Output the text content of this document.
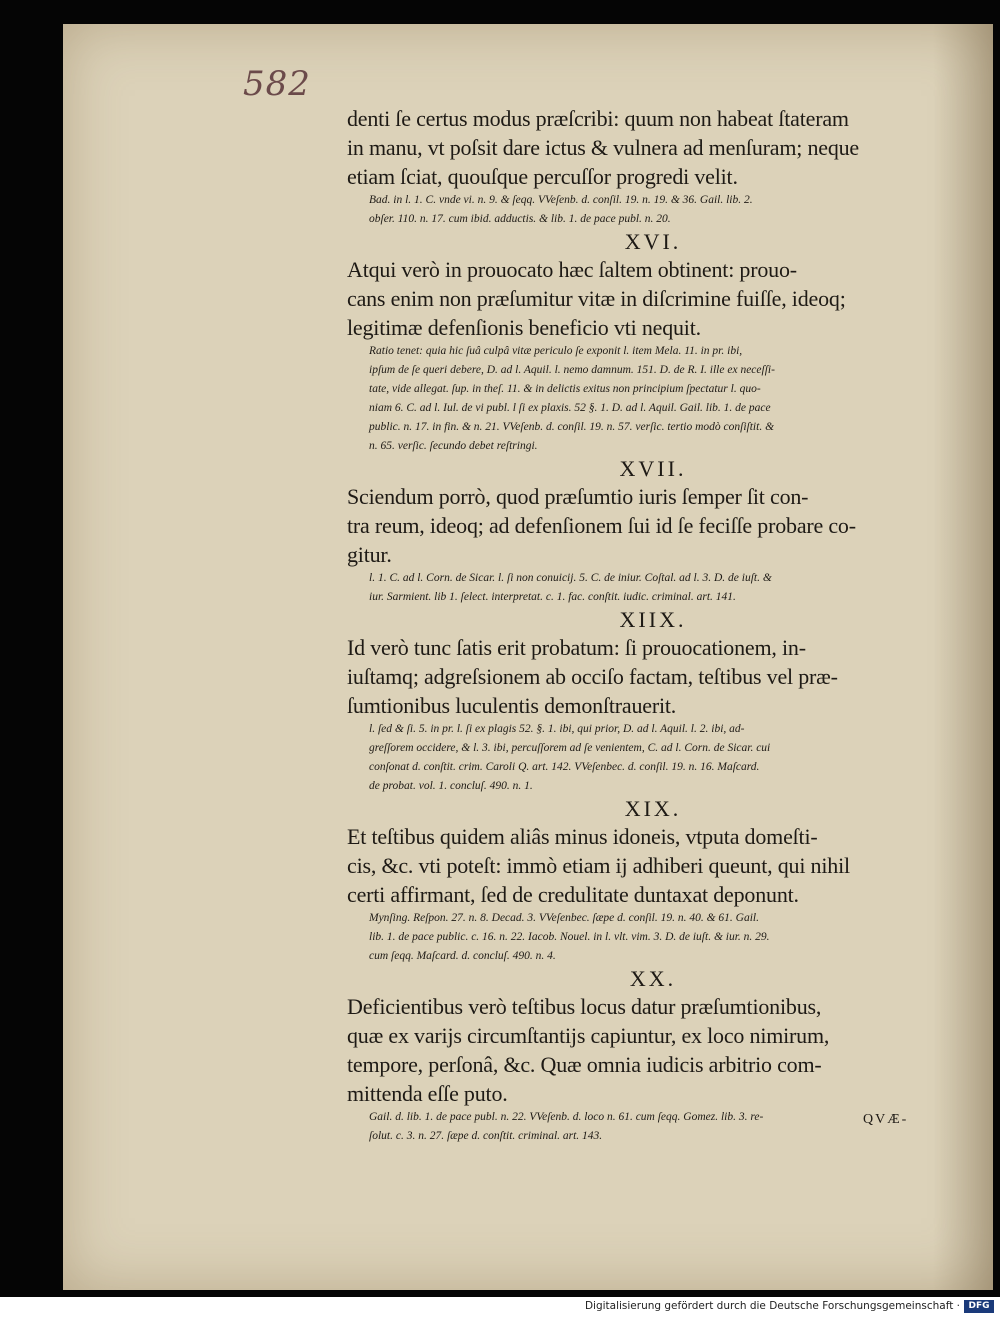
582
denti ſe certus modus præſcribi: quum non habeat ſtateram
in manu, vt poſsit dare ictus & vulnera ad menſuram; neque
etiam ſciat, quouſque percuſſor progredi velit.
Bad. in l. 1. C. vnde vi. n. 9. & ſeqq. VVeſenb. d. conſil. 19. n. 19. & 36. Gail. lib. 2.
obſer. 110. n. 17. cum ibid. adductis. & lib. 1. de pace publ. n. 20.
XVI.
Atqui verò in prouocato hæc ſaltem obtinent: prouo-
cans enim non præſumitur vitæ in diſcrimine fuiſſe, ideoq;
legitimæ defenſionis beneficio vti nequit.
Ratio tenet: quia hic ſuâ culpâ vitæ periculo ſe exponit l. item Mela. 11. in pr. ibi,
ipſum de ſe queri debere, D. ad l. Aquil. l. nemo damnum. 151. D. de R. I. ille ex neceſſi-
tate, vide allegat. ſup. in theſ. 11. & in delictis exitus non principium ſpectatur l. quo-
niam 6. C. ad l. Iul. de vi publ. l ſi ex plaxis. 52 §. 1. D. ad l. Aquil. Gail. lib. 1. de pace
public. n. 17. in fin. & n. 21. VVeſenb. d. conſil. 19. n. 57. verſic. tertio modò conſiſtit. &
n. 65. verſic. ſecundo debet reſtringi.
XVII.
Sciendum porrò, quod præſumtio iuris ſemper ſit con-
tra reum, ideoq; ad defenſionem ſui id ſe feciſſe probare co-
gitur.
l. 1. C. ad l. Corn. de Sicar. l. ſi non conuicij. 5. C. de iniur. Coſtal. ad l. 3. D. de iuſt. &
iur. Sarmient. lib 1. ſelect. interpretat. c. 1. fac. conſtit. iudic. criminal. art. 141.
XIIX.
Id verò tunc ſatis erit probatum: ſi prouocationem, in-
iuſtamq; adgreſsionem ab occiſo factam, teſtibus vel præ-
ſumtionibus luculentis demonſtrauerit.
l. ſed & ſi. 5. in pr. l. ſi ex plagis 52. §. 1. ibi, qui prior, D. ad l. Aquil. l. 2. ibi, ad-
greſſorem occidere, & l. 3. ibi, percuſſorem ad ſe venientem, C. ad l. Corn. de Sicar. cui
conſonat d. conſtit. crim. Caroli Q. art. 142. VVeſenbec. d. conſil. 19. n. 16. Maſcard.
de probat. vol. 1. concluſ. 490. n. 1.
XIX.
Et teſtibus quidem aliâs minus idoneis, vtputa domeſti-
cis, &c. vti poteſt: immò etiam ij adhiberi queunt, qui nihil
certi affirmant, ſed de credulitate duntaxat deponunt.
Mynſing. Reſpon. 27. n. 8. Decad. 3. VVeſenbec. ſæpe d. conſil. 19. n. 40. & 61. Gail.
lib. 1. de pace public. c. 16. n. 22. Iacob. Nouel. in l. vlt. vim. 3. D. de iuſt. & iur. n. 29.
cum ſeqq. Maſcard. d. concluſ. 490. n. 4.
XX.
Deficientibus verò teſtibus locus datur præſumtionibus,
quæ ex varijs circumſtantijs capiuntur, ex loco nimirum,
tempore, perſonâ, &c. Quæ omnia iudicis arbitrio com-
mittenda eſſe puto.
Gail. d. lib. 1. de pace publ. n. 22. VVeſenb. d. loco n. 61. cum ſeqq. Gomez. lib. 3. re-
ſolut. c. 3. n. 27. ſæpe d. conſtit. criminal. art. 143.
QVÆ-
Digitalisierung gefördert durch die Deutsche Forschungsgemeinschaft · DFG
